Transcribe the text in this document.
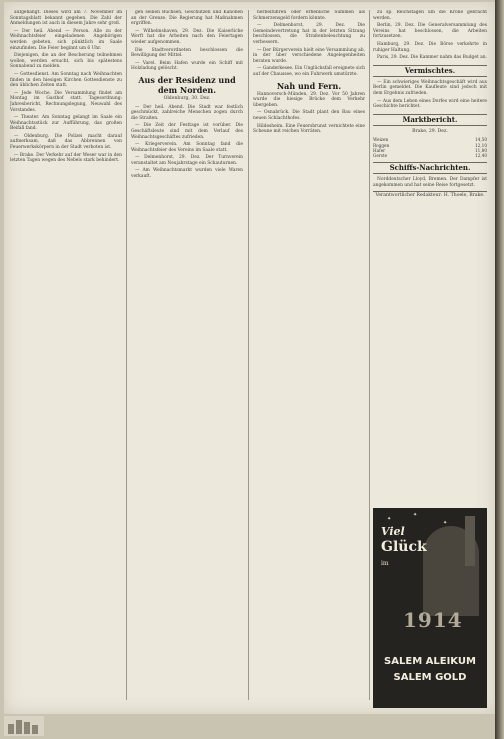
aufgehängt. Dieses wird am 7. November im Sonntagsblatt bekannt gegeben. Die Zahl der Anmeldungen ist auch in diesem Jahre sehr groß.

— Der heil. Abend — Person. Alle zu der Weihnachtsfeier eingeladenen Angehörigen werden gebeten, sich pünktlich im Saale einzufinden. Die Feier beginnt um 6 Uhr.

Diejenigen, die an der Bescherung teilnehmen wollen, werden ersucht, sich bis spätestens Sonnabend zu melden.

— Gottesdienst. Am Sonntag nach Weihnachten finden in den hiesigen Kirchen Gottesdienste zu den üblichen Zeiten statt.

— Jede Woche. Die Versammlung findet am Montag im Gasthof statt. Tagesordnung: Jahresbericht, Rechnungslegung, Neuwahl des Vorstandes.

— Theater. Am Sonntag gelangt im Saale ein Weihnachtsstück zur Aufführung, das großen Beifall fand.

— Oldenburg. Die Polizei macht darauf aufmerksam, daß das Abbrennen von Feuerwerkskörpern in der Stadt verboten ist.

— Brake. Der Verkehr auf der Weser war in den letzten Tagen wegen des Nebels stark behindert.

gen seinen Büchsen, Geschützen und Kanonen an der Grenze. Die Regierung hat Maßnahmen ergriffen.

— Wilhelmshaven, 29. Dez. Die Kaiserliche Werft hat die Arbeiten nach den Feiertagen wieder aufgenommen.

Die Stadtverordneten beschlossen die Bewilligung der Mittel.

— Varel. Beim Hafen wurde ein Schiff mit Holzladung gelöscht.

Aus der Residenz und dem Norden.
Oldenburg, 30. Dez.

— Der heil. Abend. Die Stadt war festlich geschmückt, zahlreiche Menschen zogen durch die Straßen.

— Die Zeit der Festtage ist vorüber. Die Geschäftsleute sind mit dem Verlauf des Weihnachtsgeschäftes zufrieden.

— Kriegerverein. Am Sonntag fand die Weihnachtsfeier des Vereins im Saale statt.

— Delmenhorst, 29. Dez. Der Turnverein veranstaltet am Neujahrstage ein Schauturnen.

— Am Weihnachtsmarkt wurden viele Waren verkauft.

herbeiführen oder erhebliche Summen als Schmerzensgeld fordern könnte.

— Delmenhorst, 29. Dez. Die Gemeindevertretung hat in der letzten Sitzung beschlossen, die Straßenbeleuchtung zu verbessern.

— Der Bürgerverein hielt eine Versammlung ab, in der über verschiedene Angelegenheiten beraten wurde.

— Ganderkesee. Ein Unglücksfall ereignete sich auf der Chaussee, wo ein Fuhrwerk umstürzte.

Nah und Fern.

Hannoversch-Münden, 29. Dez. Vor 50 Jahren wurde die hiesige Brücke dem Verkehr übergeben.

— Osnabrück. Die Stadt plant den Bau eines neuen Schlachthofes.

Hildesheim. Eine Feuersbrunst vernichtete eine Scheune mit reichen Vorräten.

zu sp. Reichstagen um die Krone gebracht werden.

Berlin, 29. Dez. Die Generalversammlung des Vereins hat beschlossen, die Arbeiten fortzusetzen.

Hamburg, 29. Dez. Die Börse verkehrte in ruhiger Haltung.

Paris, 29. Dez. Die Kammer nahm das Budget an.

Vermischtes.

— Ein schwieriges Weihnachtsgeschäft wird aus Berlin gemeldet. Die Kaufleute sind jedoch mit dem Ergebnis zufrieden.

— Aus dem Leben eines Dorfes wird eine heitere Geschichte berichtet.

Marktbericht.
Brake, 29. Dez.
Weizen	14,50
Roggen	12,10
Hafer	11,80
Gerste	12,40
Schiffs-Nachrichten.

Norddeutscher Lloyd, Bremen. Der Dampfer ist angekommen und hat seine Reise fortgesetzt.

Verantwortlicher Redakteur: H. Thoele, Brake.
✦
✦
✦
Viel
Glück
im
1914
SALEM ALEIKUM
SALEM GOLD
